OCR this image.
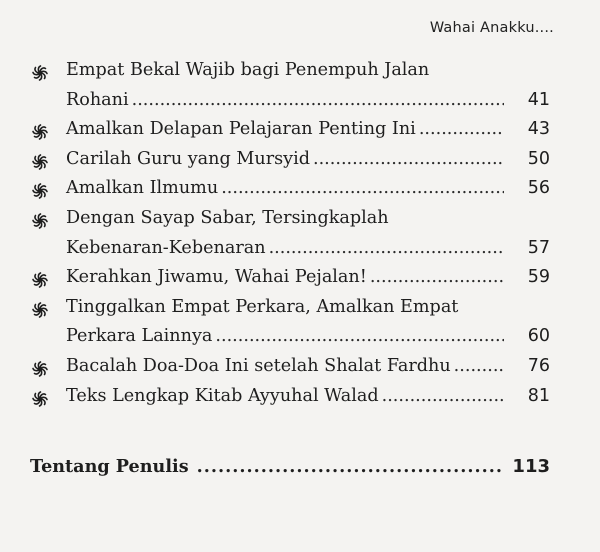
Wahai Anakku....
Empat Bekal Wajib bagi Penempuh Jalan
Rohani .....	41
Amalkan Delapan Pelajaran Penting Ini .....	43
Carilah Guru yang Mursyid .....	50
Amalkan Ilmumu .....	56
Dengan Sayap Sabar, Tersingkaplah
Kebenaran-Kebenaran .....	57
Kerahkan Jiwamu, Wahai Pejalan! .....	59
Tinggalkan Empat Perkara, Amalkan Empat
Perkara Lainnya .....	60
Bacalah Doa-Doa Ini setelah Shalat Fardhu .....	76
Teks Lengkap Kitab Ayyuhal Walad .....	81
Tentang Penulis .....	113
